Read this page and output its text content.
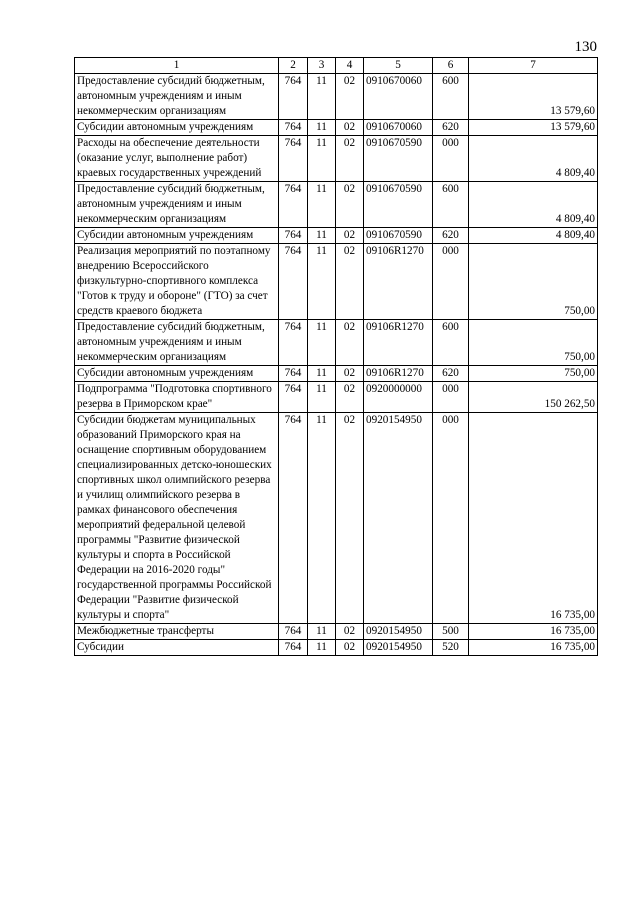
130
1	2	3	4	5	6	7
Предоставление субсидий бюджетным, автономным учреждениям и иным некоммерческим организациям	764	11	02	0910670060	600	13 579,60
Субсидии автономным учреждениям	764	11	02	0910670060	620	13 579,60
Расходы на обеспечение деятельности (оказание услуг, выполнение работ) краевых государственных учреждений	764	11	02	0910670590	000	4 809,40
Предоставление субсидий бюджетным, автономным учреждениям и иным некоммерческим организациям	764	11	02	0910670590	600	4 809,40
Субсидии автономным учреждениям	764	11	02	0910670590	620	4 809,40
Реализация мероприятий по поэтапному внедрению Всероссийского физкультурно-спортивного комплекса "Готов к труду и обороне" (ГТО) за счет средств краевого бюджета	764	11	02	09106R1270	000	750,00
Предоставление субсидий бюджетным, автономным учреждениям и иным некоммерческим организациям	764	11	02	09106R1270	600	750,00
Субсидии автономным учреждениям	764	11	02	09106R1270	620	750,00
Подпрограмма "Подготовка спортивного резерва в Приморском крае"	764	11	02	0920000000	000	150 262,50
Субсидии бюджетам муниципальных образований Приморского края на оснащение спортивным оборудованием специализированных детско-юношеских спортивных школ олимпийского резерва и училищ олимпийского резерва в рамках финансового обеспечения мероприятий федеральной целевой программы "Развитие физической культуры и спорта в Российской Федерации на 2016-2020 годы" государственной программы Российской Федерации "Развитие физической культуры и спорта"	764	11	02	0920154950	000	16 735,00
Межбюджетные трансферты	764	11	02	0920154950	500	16 735,00
Субсидии	764	11	02	0920154950	520	16 735,00
